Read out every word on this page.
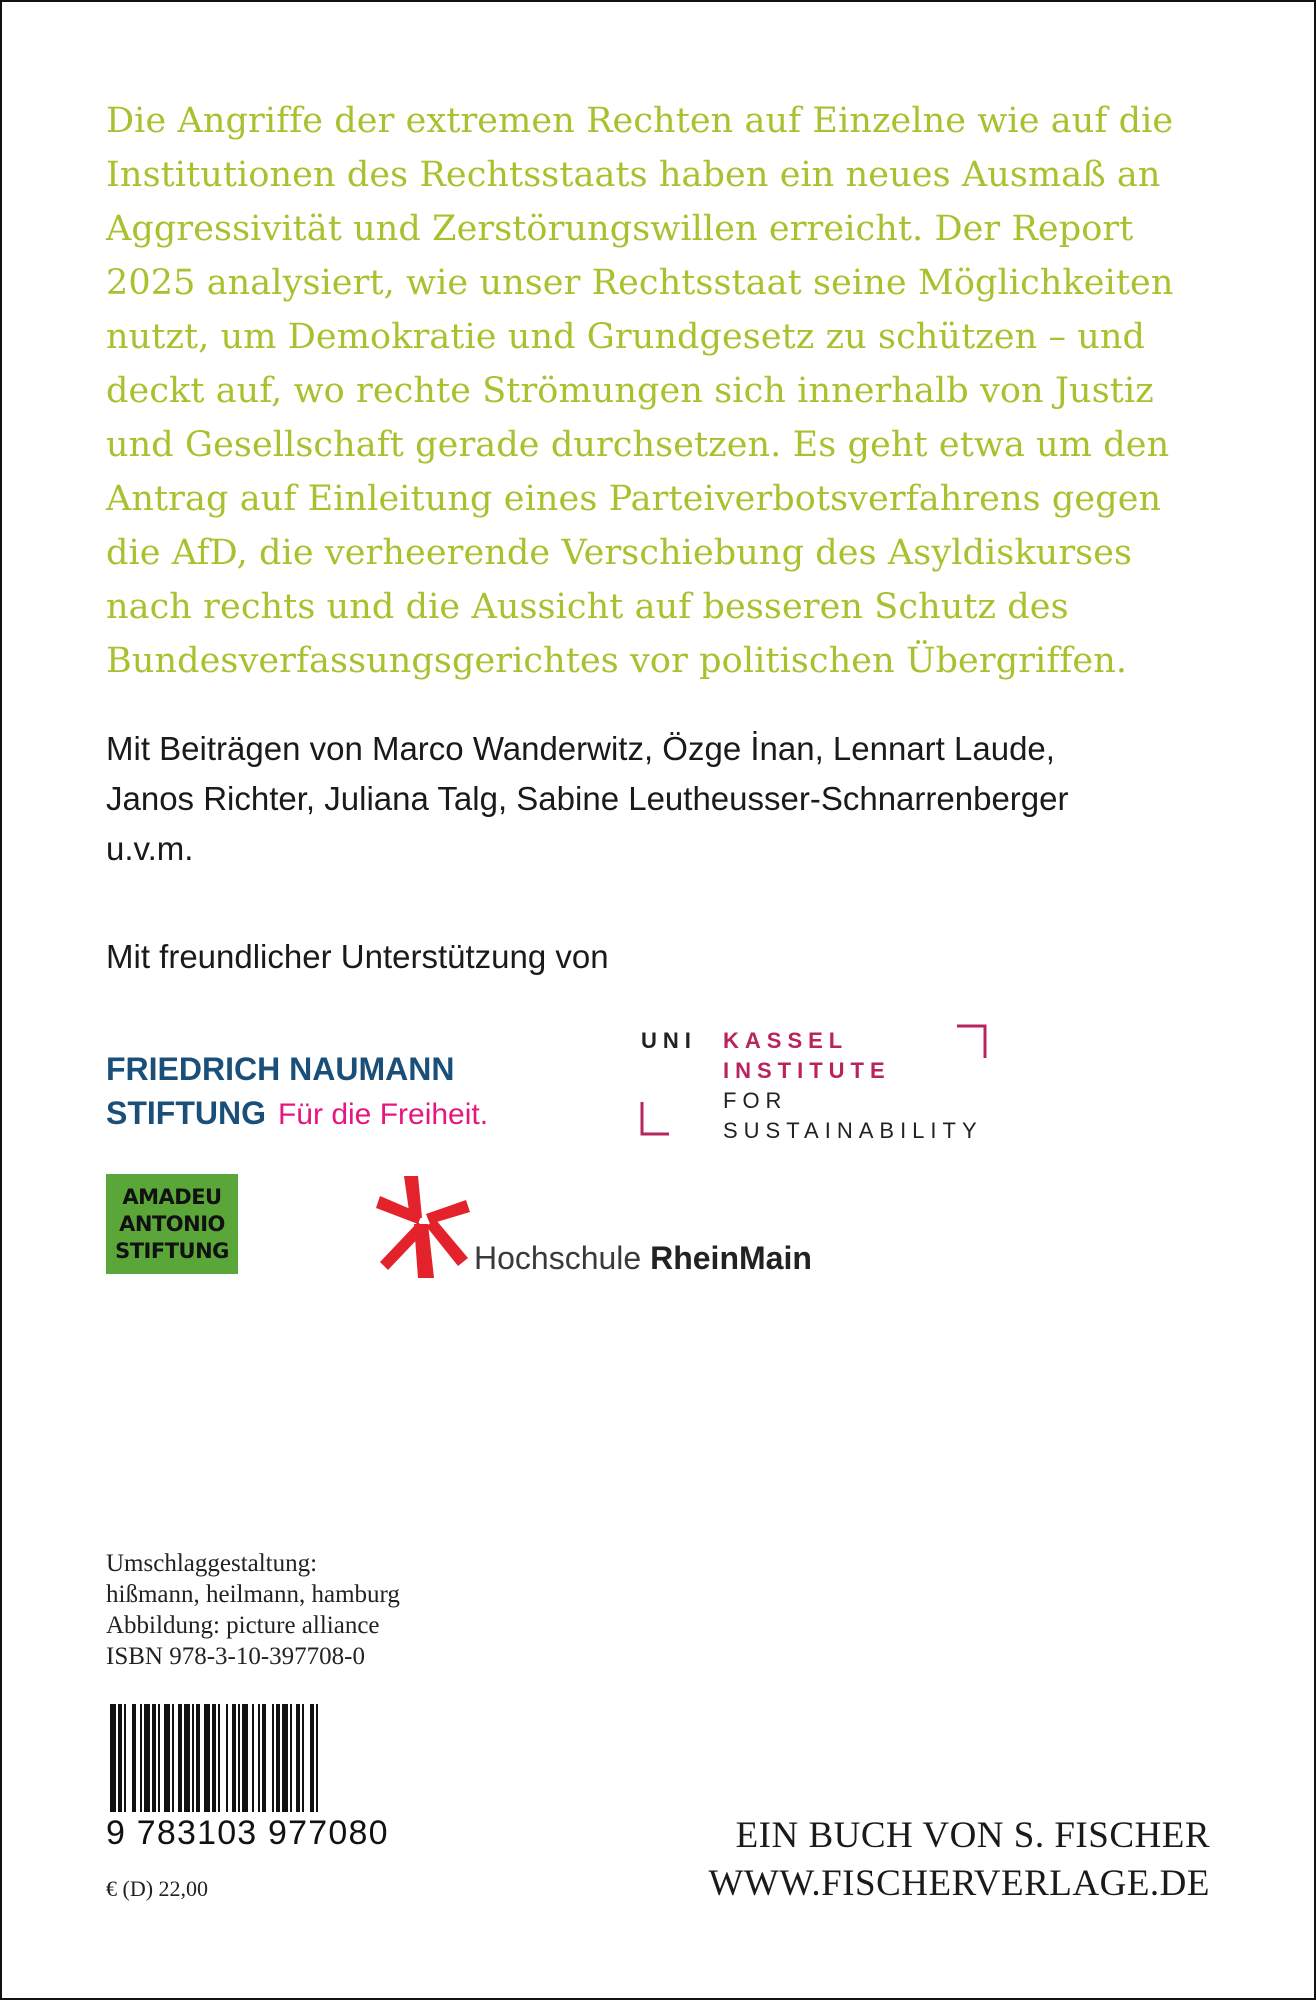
Die Angriffe der extremen Rechten auf Einzelne wie auf die
Institutionen des Rechtsstaats haben ein neues Ausmaß an
Aggressivität und Zerstörungswillen erreicht. Der Report
2025 analysiert, wie unser Rechtsstaat seine Möglichkeiten
nutzt, um Demokratie und Grundgesetz zu schützen – und
deckt auf, wo rechte Strömungen sich innerhalb von Justiz
und Gesellschaft gerade durchsetzen. Es geht etwa um den
Antrag auf Einleitung eines Parteiverbotsverfahrens gegen
die AfD, die verheerende Verschiebung des Asyldiskurses
nach rechts und die Aussicht auf besseren Schutz des
Bundesverfassungsgerichtes vor politischen Übergriffen.
Mit Beiträgen von Marco Wanderwitz, Özge İnan, Lennart Laude,
Janos Richter, Juliana Talg, Sabine Leutheusser-Schnarrenberger
u.v.m.
Mit freundlicher Unterstützung von
FRIEDRICH NAUMANN
STIFTUNG Für die Freiheit.
UNI KASSEL
INSTITUTE
FOR
SUSTAINABILITY
AMADEU
ANTONIO
STIFTUNG	Hochschule RheinMain
Umschlaggestaltung:
hißmann, heilmann, hamburg
Abbildung: picture alliance
ISBN 978-3-10-397708-0
9 783103 977080
€ (D) 22,00
EIN BUCH VON S. FISCHER
WWW.FISCHERVERLAGE.DE
